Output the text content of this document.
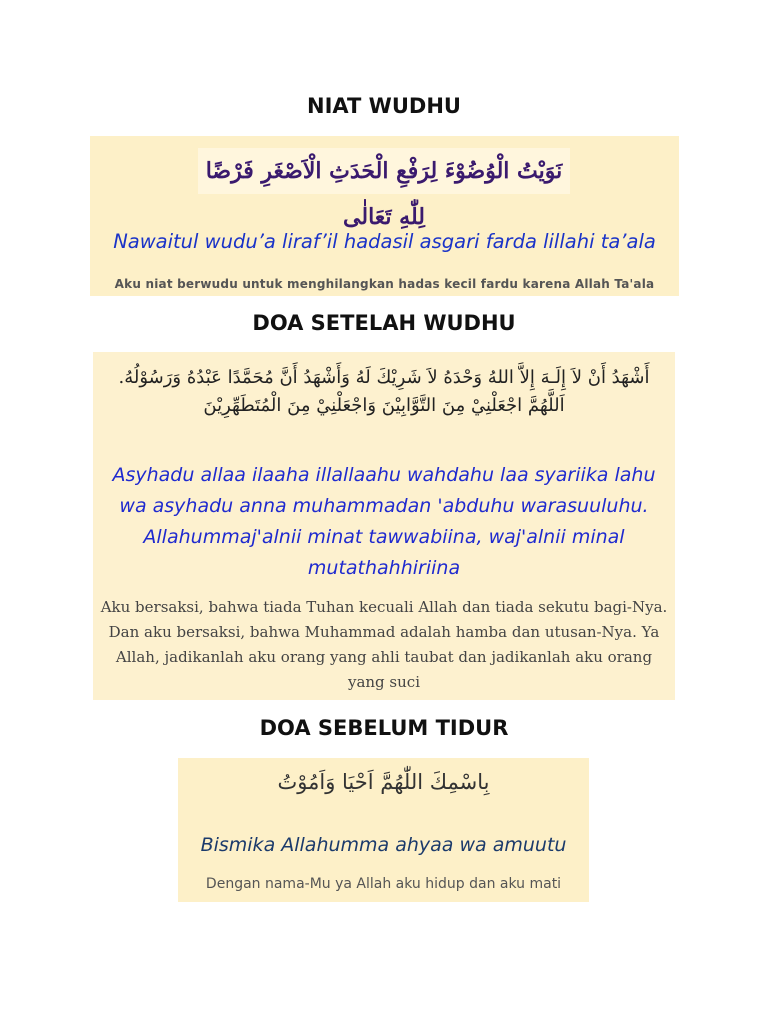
NIAT WUDHU
نَوَيْتُ الْوُضُوْءَ لِرَفْعِ الْحَدَثِ الْاَصْغَرِ فَرْضًا لِلّٰهِ تَعَالٰى
Nawaitul wudu’a liraf’il hadasil asgari farda lillahi ta’ala
Aku niat berwudu untuk menghilangkan hadas kecil fardu karena Allah Ta'ala
DOA SETELAH WUDHU
أَشْهَدُ أَنْ لاَ إِلَـهَ إِلاَّ اللهُ وَحْدَهُ لاَ شَرِيْكَ لَهُ وَأَشْهَدُ أَنَّ مُحَمَّدًا عَبْدُهُ وَرَسُوْلُهُ. اَللَّهُمَّ اجْعَلْنِيْ مِنَ التَّوَّابِيْنَ وَاجْعَلْنِيْ مِنَ الْمُتَطَهِّرِيْنَ
Asyhadu allaa ilaaha illallaahu wahdahu laa syariika lahu wa asyhadu anna muhammadan 'abduhu warasuuluhu. Allahummaj'alnii minat tawwabiina, waj'alnii minal mutathahhiriina
Aku bersaksi, bahwa tiada Tuhan kecuali Allah dan tiada sekutu bagi-Nya. Dan aku bersaksi, bahwa Muhammad adalah hamba dan utusan-Nya. Ya Allah, jadikanlah aku orang yang ahli taubat dan jadikanlah aku orang yang suci
DOA SEBELUM TIDUR
بِاسْمِكَ اللّٰهُمَّ اَحْيَا وَاَمُوْتُ
Bismika Allahumma ahyaa wa amuutu
Dengan nama-Mu ya Allah aku hidup dan aku mati
